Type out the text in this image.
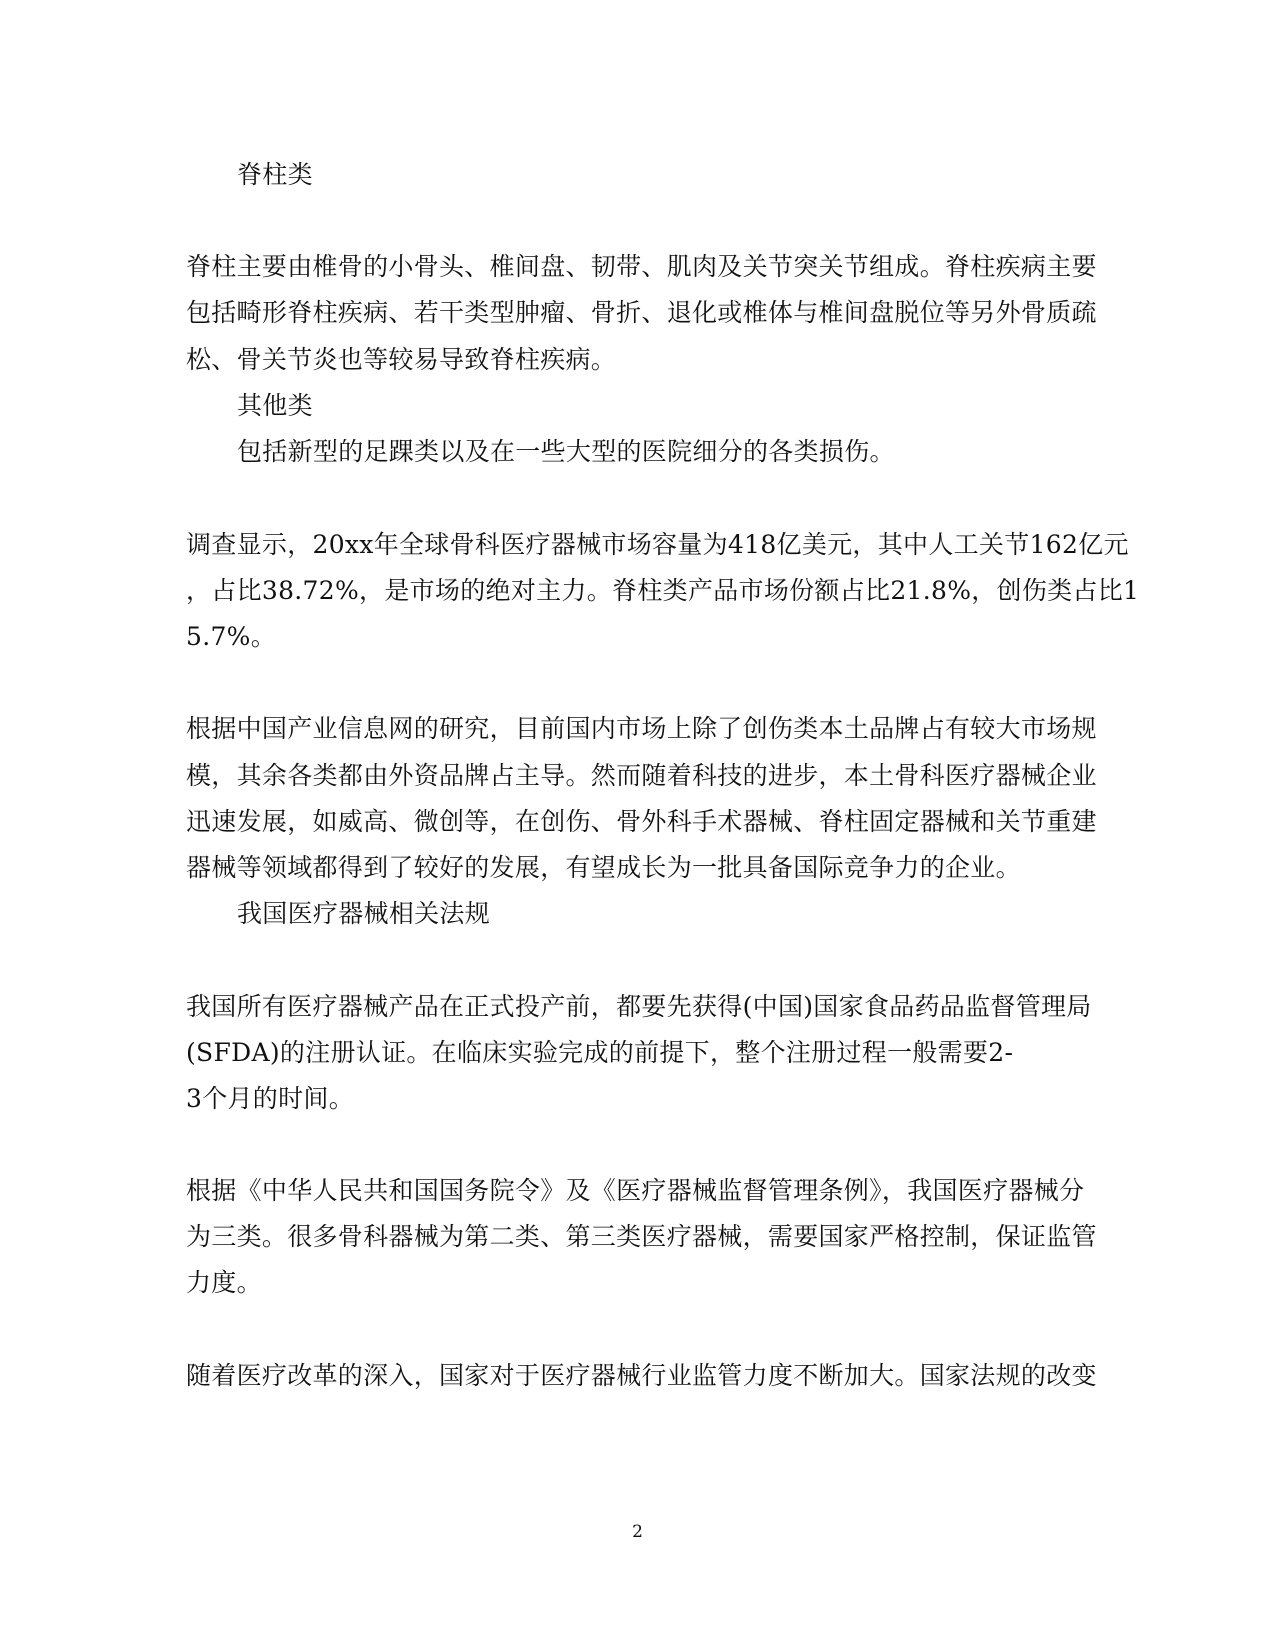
脊柱类
脊柱主要由椎骨的小骨头、椎间盘、韧带、肌肉及关节突关节组成。脊柱疾病主要
包括畸形脊柱疾病、若干类型肿瘤、骨折、退化或椎体与椎间盘脱位等另外骨质疏
松、骨关节炎也等较易导致脊柱疾病。
其他类
包括新型的足踝类以及在一些大型的医院细分的各类损伤。
调查显示，20xx年全球骨科医疗器械市场容量为418亿美元，其中人工关节162亿元
，占比38.72%，是市场的绝对主力。脊柱类产品市场份额占比21.8%，创伤类占比1
5.7%。
根据中国产业信息网的研究，目前国内市场上除了创伤类本土品牌占有较大市场规
模，其余各类都由外资品牌占主导。然而随着科技的进步，本土骨科医疗器械企业
迅速发展，如威高、微创等，在创伤、骨外科手术器械、脊柱固定器械和关节重建
器械等领域都得到了较好的发展，有望成长为一批具备国际竞争力的企业。
我国医疗器械相关法规
我国所有医疗器械产品在正式投产前，都要先获得(中国)国家食品药品监督管理局
(SFDA)的注册认证。在临床实验完成的前提下，整个注册过程一般需要2-
3个月的时间。
根据《中华人民共和国国务院令》及《医疗器械监督管理条例》，我国医疗器械分
为三类。很多骨科器械为第二类、第三类医疗器械，需要国家严格控制，保证监管
力度。
随着医疗改革的深入，国家对于医疗器械行业监管力度不断加大。国家法规的改变
2
